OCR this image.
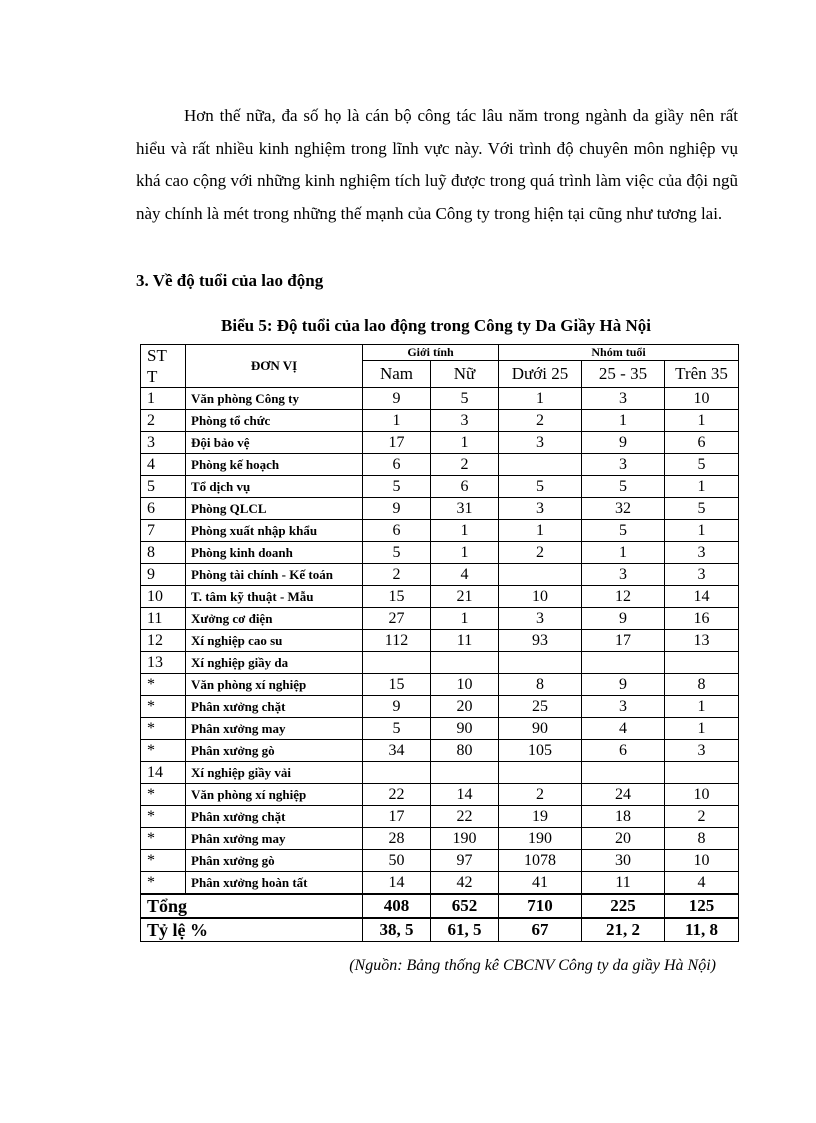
Hơn thế nữa, đa số họ là cán bộ công tác lâu năm trong ngành da giầy nên rất hiểu và rất nhiều kinh nghiệm trong lĩnh vực này. Với trình độ chuyên môn nghiệp vụ khá cao cộng với những kinh nghiệm tích luỹ được trong quá trình làm việc của đội ngũ này chính là mét trong những thế mạnh của Công ty trong hiện tại cũng như tương lai.

3. Về độ tuổi của lao động

Biểu 5: Độ tuổi của lao động trong Công ty Da Giầy Hà Nội

STT	ĐƠN VỊ	Giới tính		Nhóm tuổi		
		Nam	Nữ	Dưới 25	25 - 35	Trên 35
1	Văn phòng Công ty	9	5	1	3	10
2	Phòng tổ chức	1	3	2	1	1
3	Đội bảo vệ	17	1	3	9	6
4	Phòng kế hoạch	6	2		3	5
5	Tổ dịch vụ	5	6	5	5	1
6	Phòng QLCL	9	31	3	32	5
7	Phòng xuất nhập khẩu	6	1	1	5	1
8	Phòng kinh doanh	5	1	2	1	3
9	Phòng tài chính - Kế toán	2	4		3	3
10	T. tâm kỹ thuật - Mẫu	15	21	10	12	14
11	Xưởng cơ điện	27	1	3	9	16
12	Xí nghiệp cao su	112	11	93	17	13
13	Xí nghiệp giầy da					
*	Văn phòng xí nghiệp	15	10	8	9	8
*	Phân xưởng chặt	9	20	25	3	1
*	Phân xưởng may	5	90	90	4	1
*	Phân xưởng gò	34	80	105	6	3
14	Xí nghiệp giầy vải					
*	Văn phòng xí nghiệp	22	14	2	24	10
*	Phân xưởng chặt	17	22	19	18	2
*	Phân xưởng may	28	190	190	20	8
*	Phân xưởng gò	50	97	1078	30	10
*	Phân xưởng hoàn tất	14	42	41	11	4
Tổng		408	652	710	225	125
Tỷ lệ %		38, 5	61, 5	67	21, 2	11, 8

(Nguồn: Bảng thống kê CBCNV Công ty da giầy Hà Nội)
